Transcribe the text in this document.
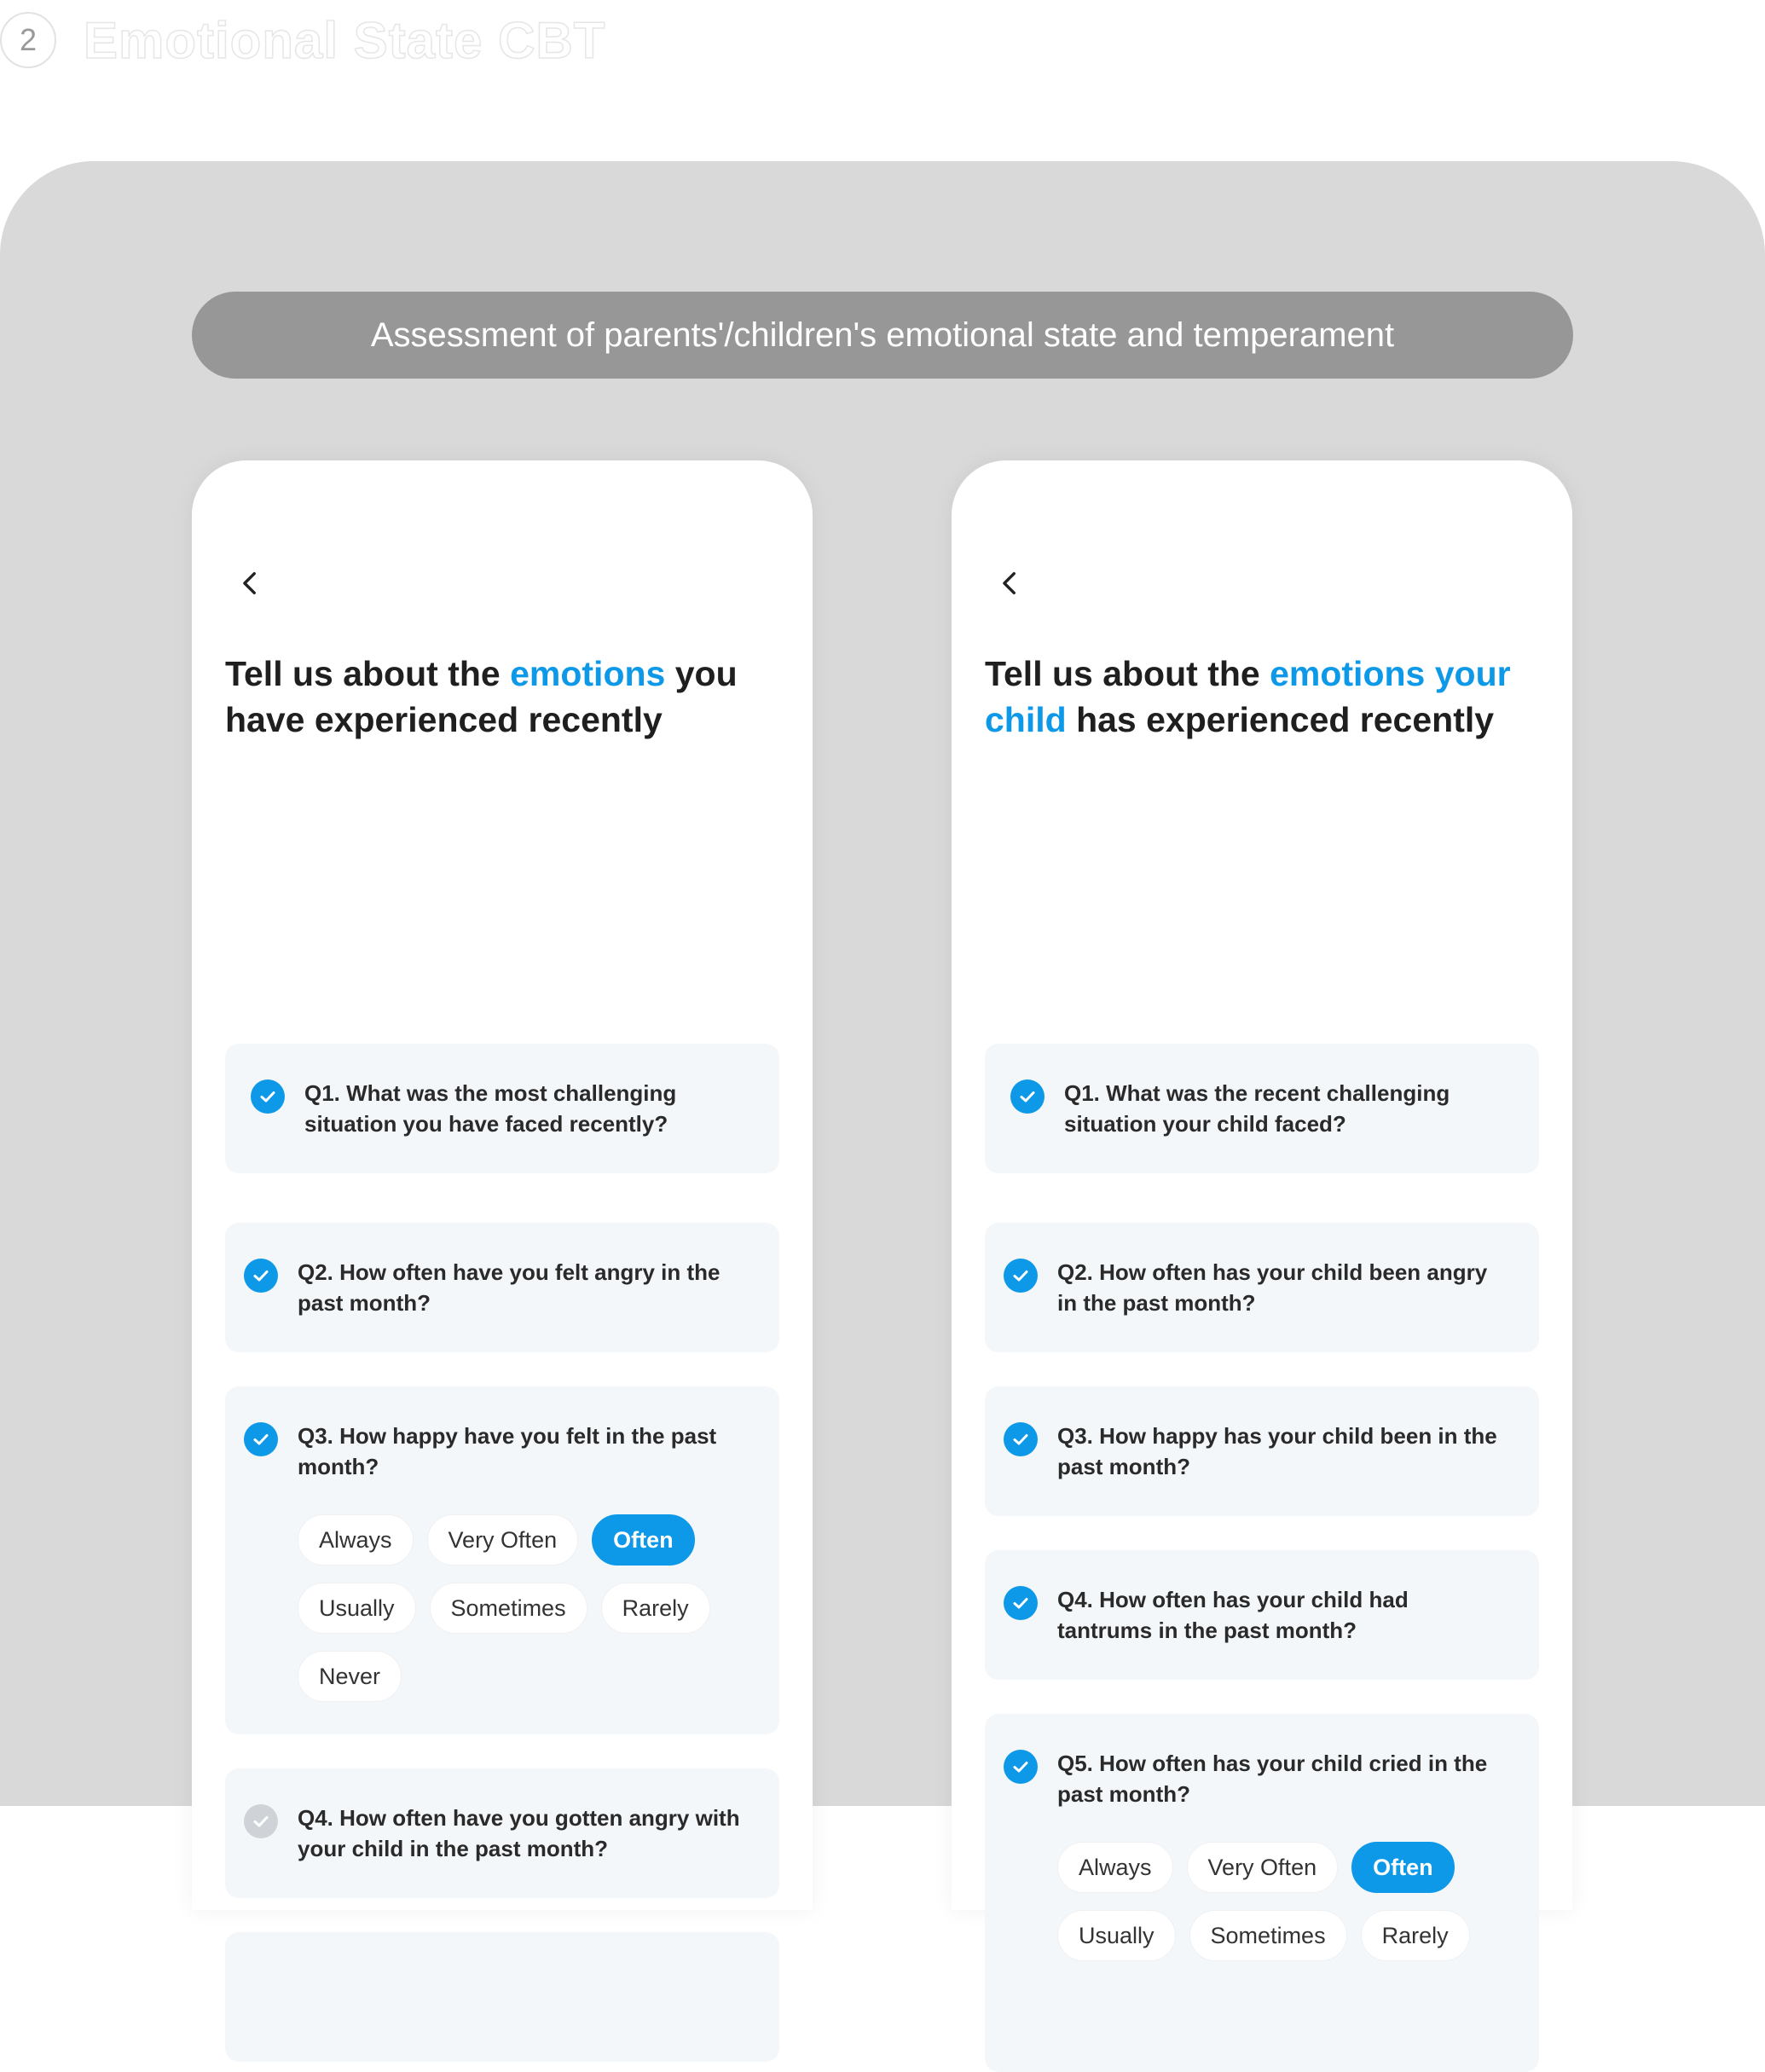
2 Emotional State CBT
Assessment of parents'/children's emotional state and temperament
Tell us about the emotions you have experienced recently
Q1. What was the most challenging situation you have faced recently?
Q2. How often have you felt angry in the past month?
Q3. How happy have you felt in the past month?
Always	Very Often	Often
Usually	Sometimes	Rarely
Never
Q4. How often have you gotten angry with your child in the past month?
Tell us about the emotions your child has experienced recently
Q1. What was the recent challenging situation your child faced?
Q2. How often has your child been angry in the past month?
Q3. How happy has your child been in the past month?
Q4. How often has your child had tantrums in the past month?
Q5. How often has your child cried in the past month?
Always	Very Often	Often
Usually	Sometimes	Rarely
